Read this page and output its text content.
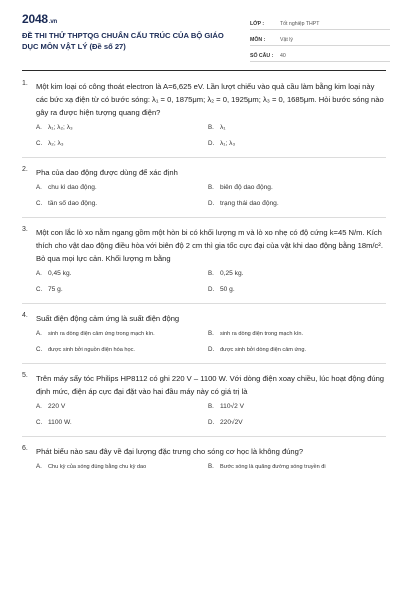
2048.vn
ĐỀ THI THỬ THPTQG CHUẨN CẤU TRÚC CỦA BỘ GIÁO DỤC MÔN VẬT LÝ (Đề số 27)
LỚP :	Tốt nghiệp THPT
MÔN :	Vật lý
SỐ CÂU :	40
1. Một kim loại có công thoát electron là A=6,625 eV. Lần lượt chiếu vào quả cầu làm bằng kim loại này các bức xạ điện từ có bước sóng: λ₁ = 0, 1875μm; λ₂ = 0, 1925μm; λ₃ = 0, 1685μm. Hỏi bước sóng nào gây ra được hiện tượng quang điện?
A. λ₁; λ₂; λ₃	B. λ₁
C. λ₂; λ₃	D. λ₁; λ₃
2. Pha của dao động được dùng để xác định
A. chu kì dao động.	B. biên độ dao động.
C. tần số dao động.	D. trạng thái dao động.
3. Một con lắc lò xo nằm ngang gồm một hòn bi có khối lượng m và lò xo nhẹ có độ cứng k=45 N/m. Kích thích cho vật dao động điều hòa với biên độ 2 cm thì gia tốc cực đại của vật khi dao động bằng 18m/c². Bỏ qua mọi lực cản. Khối lượng m bằng
A. 0,45 kg.	B. 0,25 kg.
C. 75 g.	D. 50 g.
4. Suất điện động cảm ứng là suất điện động
A.	sinh ra dòng điện cảm ứng trong mạch kín.	B.	sinh ra dòng điện trong mạch kín.
C.	được sinh bởi nguồn điện hóa học.	D.	được sinh bởi dòng điện cảm ứng.
5. Trên máy sấy tóc Philips HP8112 có ghi 220 V – 1100 W. Với dòng điện xoay chiều, lúc hoạt động đúng định mức, điện áp cực đại đặt vào hai đầu máy này có giá trị là
A. 220 V	B. 110√2 V
C. 1100 W.	D. 220√2V
6. Phát biểu nào sau đây về đại lượng đặc trưng cho sóng cơ học là không đúng?
A.	Chu kỳ của sóng đúng bằng chu kỳ dao	B.	Bước sóng là quãng đường sóng truyền đi
